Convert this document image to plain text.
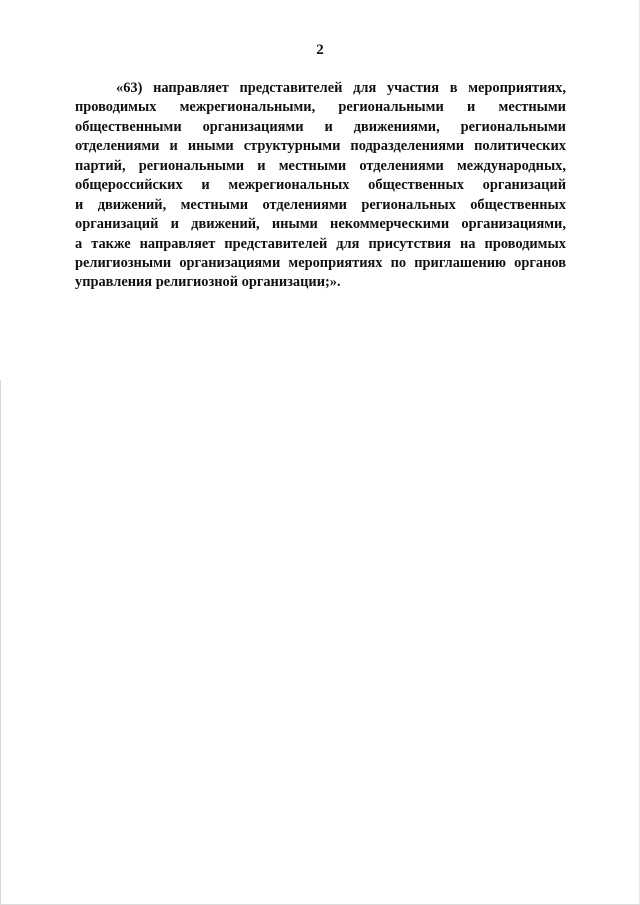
2
«63) направляет представителей для участия в мероприятиях,
проводимых межрегиональными, региональными и местными
общественными организациями и движениями, региональными
отделениями и иными структурными подразделениями политических
партий, региональными и местными отделениями международных,
общероссийских и межрегиональных общественных организаций
и движений, местными отделениями региональных общественных
организаций и движений, иными некоммерческими организациями,
а также направляет представителей для присутствия на проводимых
религиозными организациями мероприятиях по приглашению органов
управления религиозной организации;».
